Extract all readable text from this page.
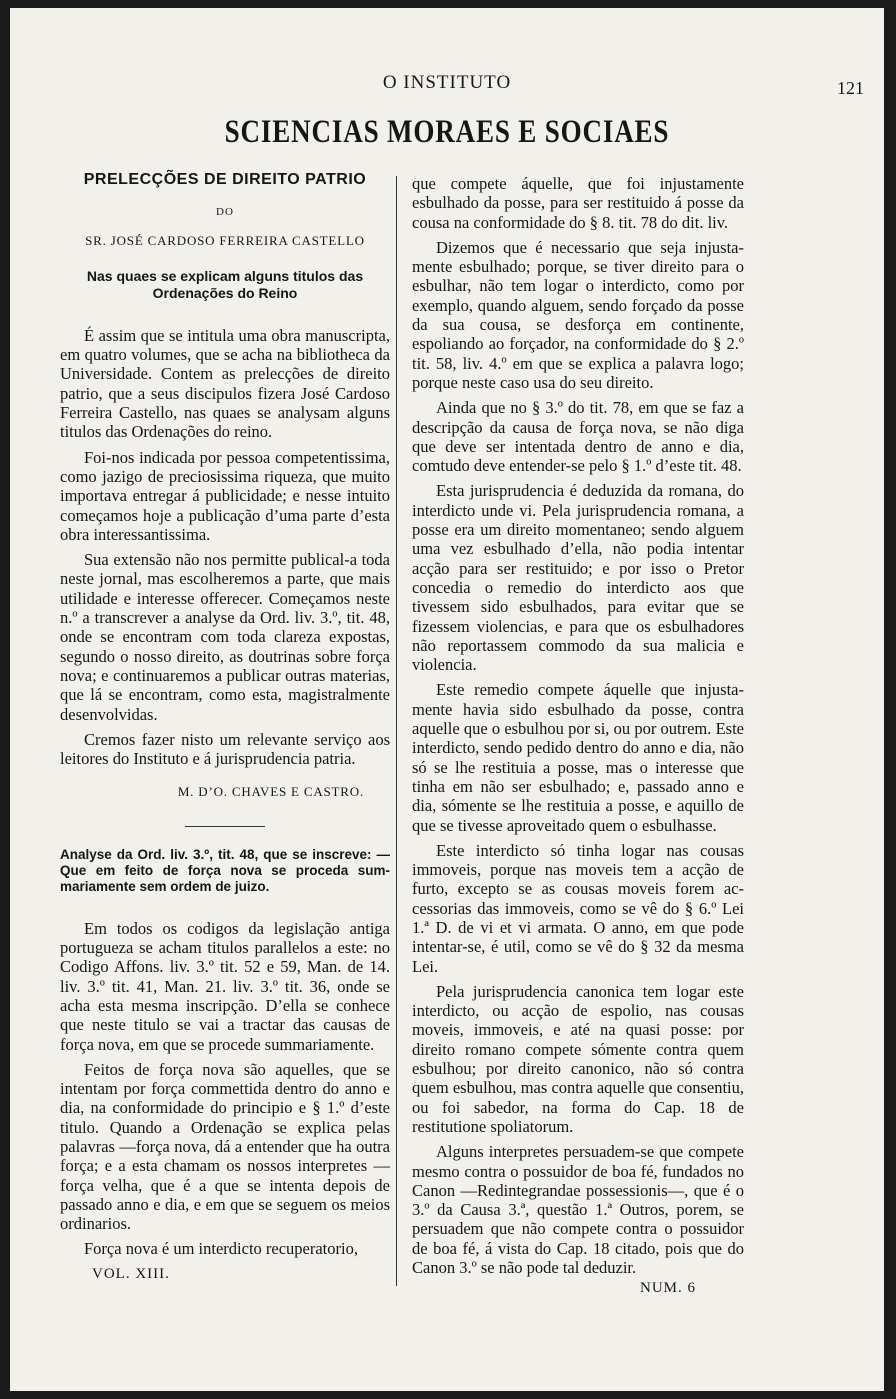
O INSTITUTO	121
SCIENCIAS MORAES E SOCIAES
PRELECÇÕES DE DIREITO PATRIO
DO
SR. JOSÉ CARDOSO FERREIRA CASTELLO
Nas quaes se explicam alguns titulos das Ordenações do Reino

É assim que se intitula uma obra manuscripta, em quatro volumes, que se acha na bibliotheca da Universidade. Contem as prelecções de direito patrio, que a seus discipulos fizera José Cardoso Ferreira Castello, nas quaes se analysam alguns titulos das Ordenações do reino.

Foi-nos indicada por pessoa competentissima, como jazigo de preciosissima riqueza, que muito importava entregar á publicidade; e nesse intuito começamos hoje a publicação d’uma parte d’esta obra interessantissima.

Sua extensão não nos permitte publical-a toda neste jornal, mas escolheremos a parte, que mais utilidade e interesse offerecer. Começamos neste n.º a transcrever a analyse da Ord. liv. 3.º, tit. 48, onde se encontram com toda clareza expostas, segundo o nosso direito, as doutrinas sobre força nova; e continuaremos a publicar outras materias, que lá se encontram, como esta, magistralmente desenvolvidas.

Cremos fazer nisto um relevante serviço aos leitores do Instituto e á jurisprudencia patria.

M. D’O. CHAVES E CASTRO.
Analyse da Ord. liv. 3.º, tit. 48, que se inscreve: —Que em feito de força nova se proceda summariamente sem ordem de juizo.

Em todos os codigos da legislação antiga portugueza se acham titulos parallelos a este: no Codigo Affons. liv. 3.º tit. 52 e 59, Man. de 14. liv. 3.º tit. 41, Man. 21. liv. 3.º tit. 36, onde se acha esta mesma inscripção. D’ella se conhece que neste titulo se vai a tractar das causas de força nova, em que se procede summariamente.

Feitos de força nova são aquelles, que se intentam por força commettida dentro do anno e dia, na conformidade do principio e § 1.º d’este titulo. Quando a Ordenação se explica pelas palavras —força nova, dá a entender que ha outra força; e a esta chamam os nossos interpretes —força velha, que é a que se intenta depois de passado anno e dia, e em que se seguem os meios ordinarios.

Força nova é um interdicto recuperatorio,

que compete áquelle, que foi injustamente esbulhado da posse, para ser restituido á posse da cousa na conformidade do § 8. tit. 78 do dit. liv.

Dizemos que é necessario que seja injustamente esbulhado; porque, se tiver direito para o esbulhar, não tem logar o interdicto, como por exemplo, quando alguem, sendo forçado da posse da sua cousa, se desforça em continente, espoliando ao forçador, na conformidade do § 2.º tit. 58, liv. 4.º em que se explica a palavra logo; porque neste caso usa do seu direito.

Ainda que no § 3.º do tit. 78, em que se faz a descripção da causa de força nova, se não diga que deve ser intentada dentro de anno e dia, comtudo deve entender-se pelo § 1.º d’este tit. 48.

Esta jurisprudencia é deduzida da romana, do interdicto unde vi. Pela jurisprudencia romana, a posse era um direito momentaneo; sendo alguem uma vez esbulhado d’ella, não podia intentar acção para ser restituido; e por isso o Pretor concedia o remedio do interdicto aos que tivessem sido esbulhados, para evitar que se fizessem violencias, e para que os esbulhadores não reportassem commodo da sua malicia e violencia.

Este remedio compete áquelle que injustamente havia sido esbulhado da posse, contra aquelle que o esbulhou por si, ou por outrem. Este interdicto, sendo pedido dentro do anno e dia, não só se lhe restituia a posse, mas o interesse que tinha em não ser esbulhado; e, passado anno e dia, sómente se lhe restituia a posse, e aquillo de que se tivesse aproveitado quem o esbulhasse.

Este interdicto só tinha logar nas cousas immoveis, porque nas moveis tem a acção de furto, excepto se as cousas moveis forem accessorias das immoveis, como se vê do § 6.º Lei 1.ª D. de vi et vi armata. O anno, em que pode intentar-se, é util, como se vê do § 32 da mesma Lei.

Pela jurisprudencia canonica tem logar este interdicto, ou acção de espolio, nas cousas moveis, immoveis, e até na quasi posse: por direito romano compete sómente contra quem esbulhou; por direito canonico, não só contra quem esbulhou, mas contra aquelle que consentiu, ou foi sabedor, na forma do Cap. 18 de restitutione spoliatorum.

Alguns interpretes persuadem-se que compete mesmo contra o possuidor de boa fé, fundados no Canon —Redintegrandae possessionis—, que é o 3.º da Causa 3.ª, questão 1.ª Outros, porem, se persuadem que não compete contra o possuidor de boa fé, á vista do Cap. 18 citado, pois que do Canon 3.º se não pode tal deduzir.

VOL. XIII.
NUM. 6
